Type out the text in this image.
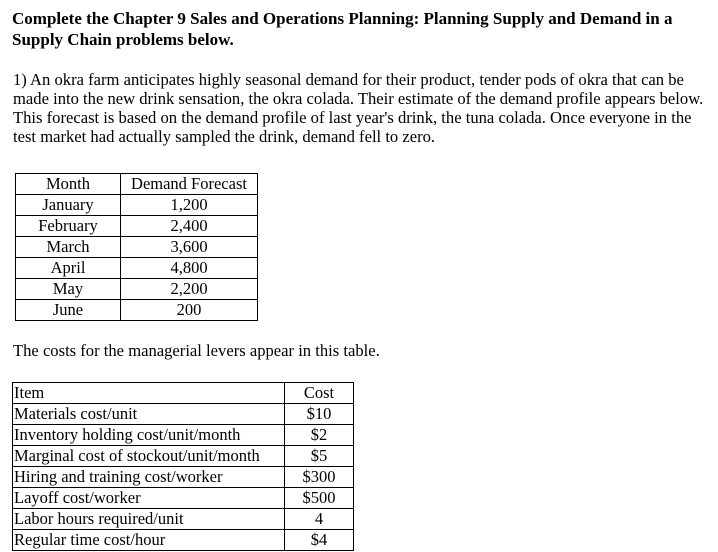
Complete the Chapter 9 Sales and Operations Planning: Planning Supply and Demand in a Supply Chain problems below.

1) An okra farm anticipates highly seasonal demand for their product, tender pods of okra that can be made into the new drink sensation, the okra colada. Their estimate of the demand profile appears below. This forecast is based on the demand profile of last year's drink, the tuna colada. Once everyone in the test market had actually sampled the drink, demand fell to zero.

Month	Demand Forecast
January	1,200
February	2,400
March	3,600
April	4,800
May	2,200
June	200
The costs for the managerial levers appear in this table.
Item	Cost
Materials cost/unit	$10
Inventory holding cost/unit/month	$2
Marginal cost of stockout/unit/month	$5
Hiring and training cost/worker	$300
Layoff cost/worker	$500
Labor hours required/unit	4
Regular time cost/hour	$4
